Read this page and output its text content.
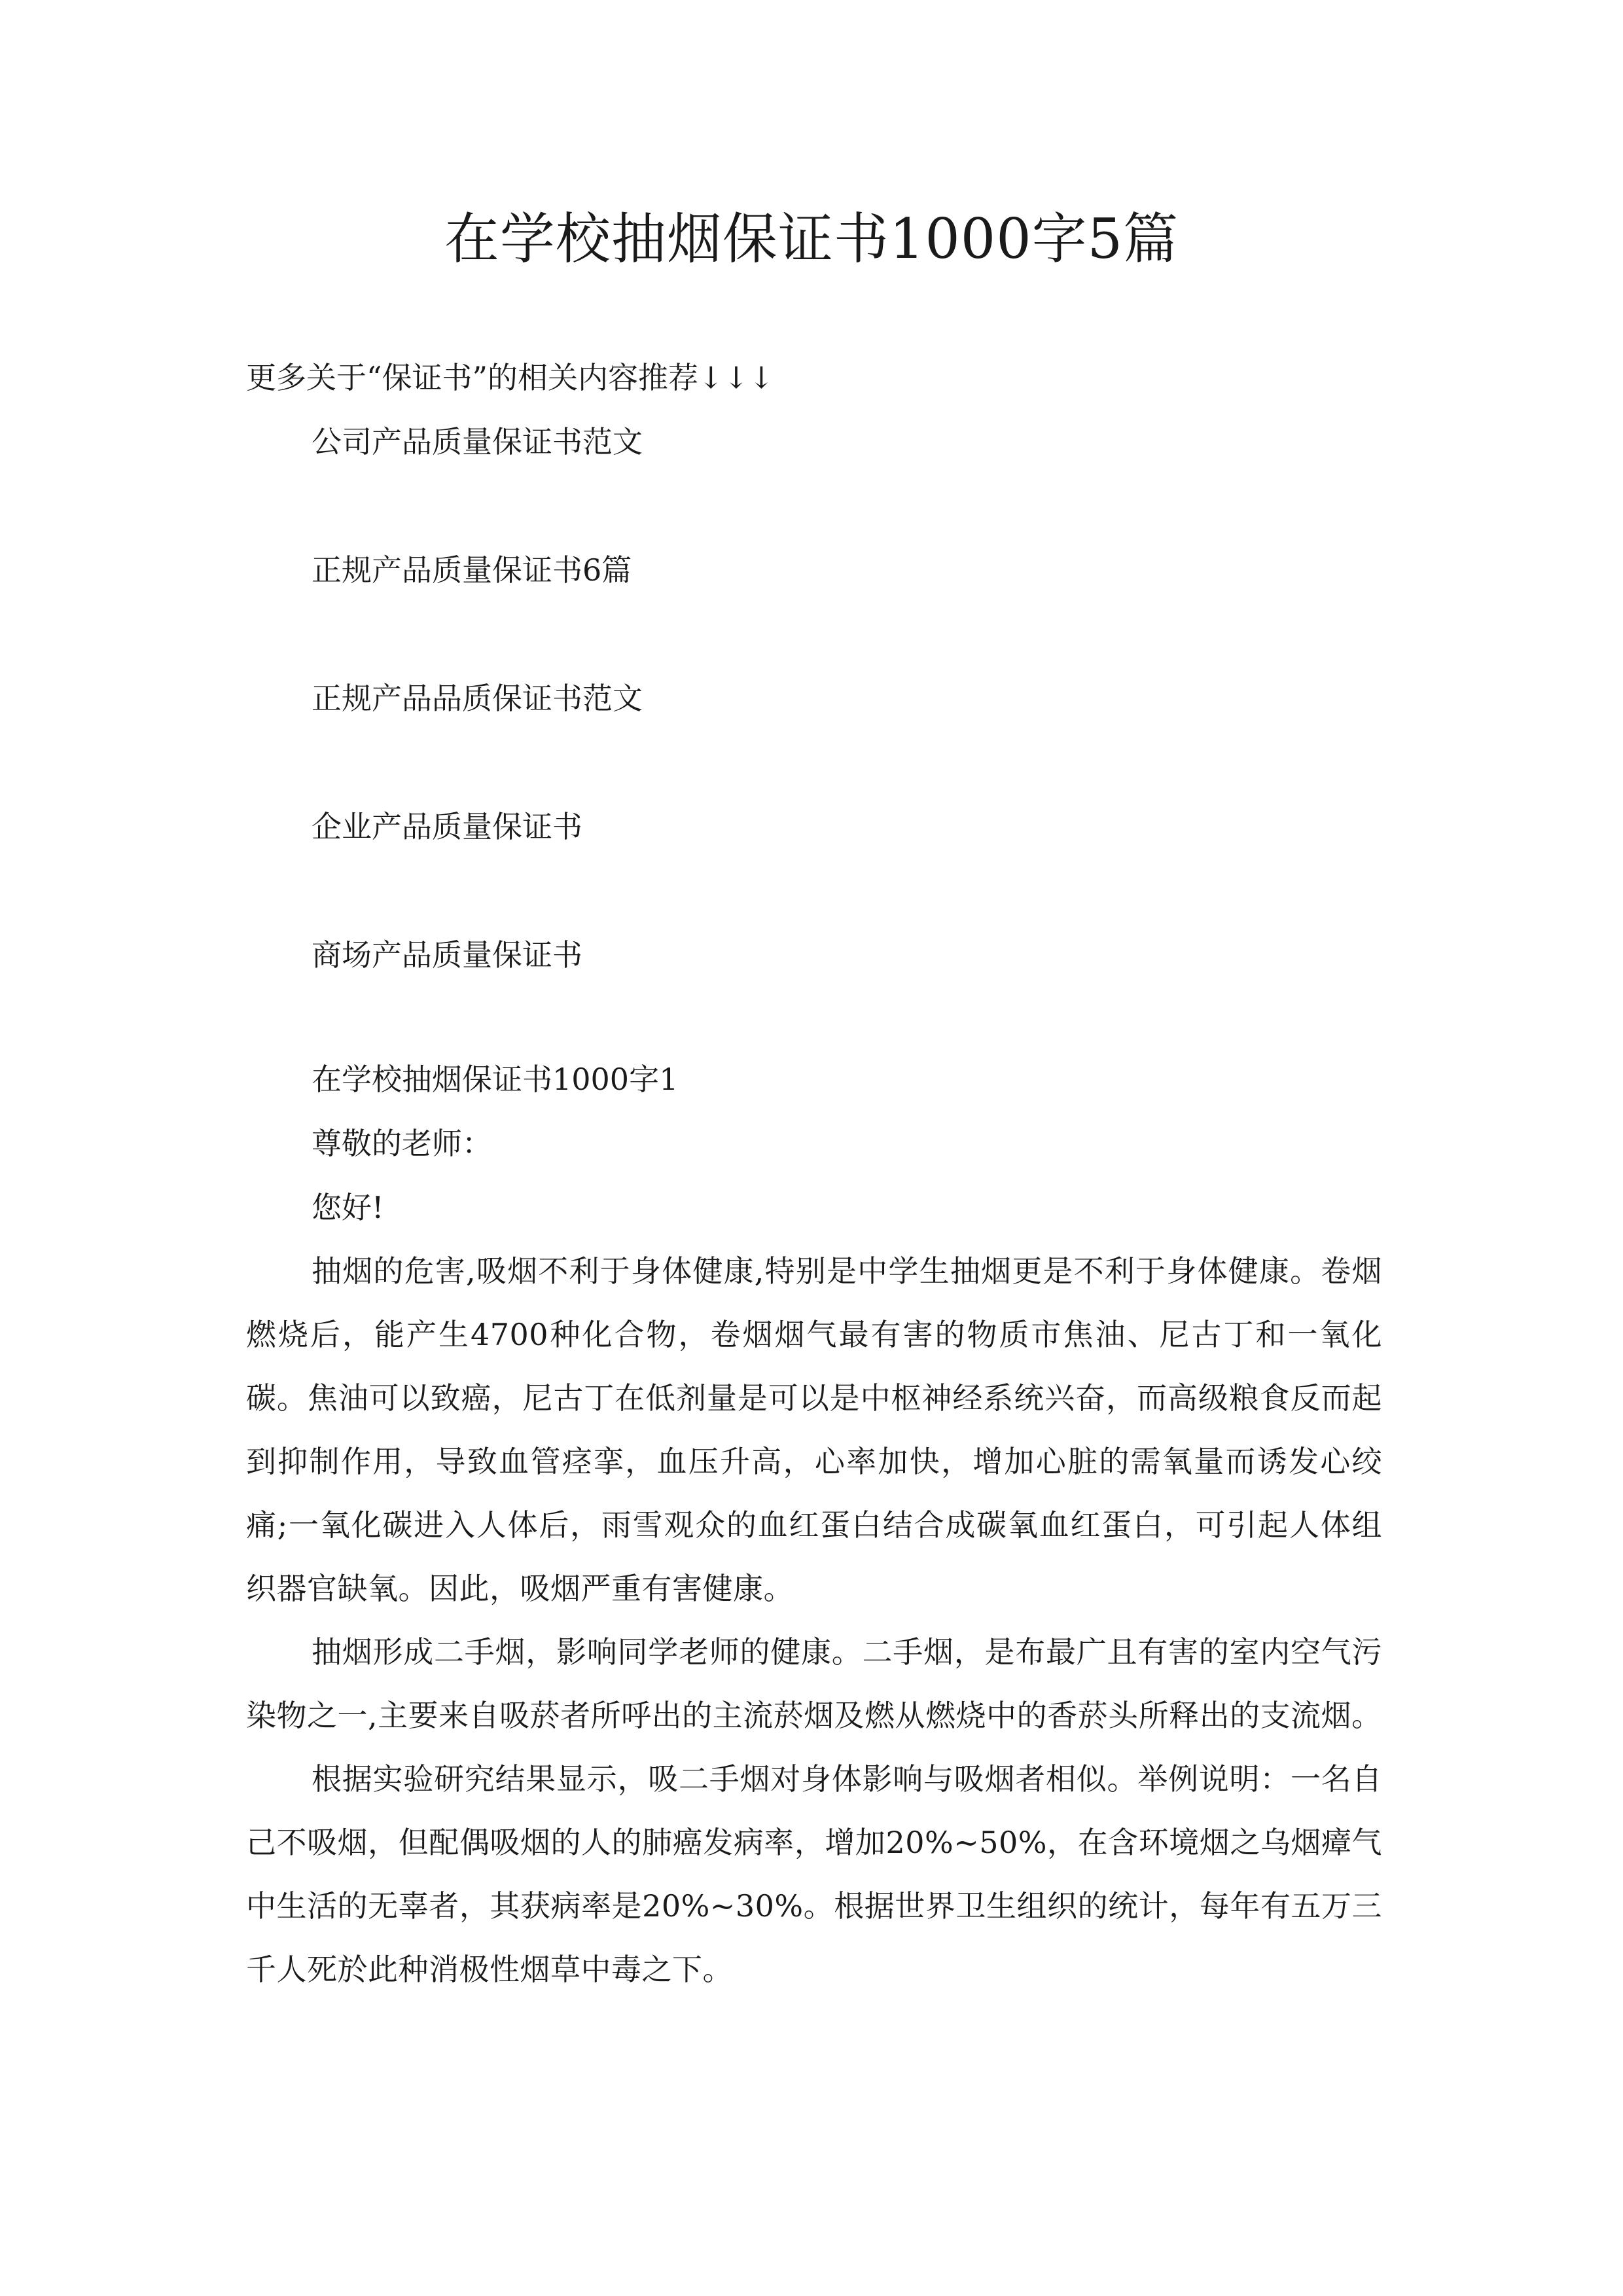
在学校抽烟保证书1000字5篇
更多关于“保证书”的相关内容推荐↓↓↓
公司产品质量保证书范文
正规产品质量保证书6篇
正规产品品质保证书范文
企业产品质量保证书
商场产品质量保证书
在学校抽烟保证书1000字1
尊敬的老师：
您好!

抽烟的危害,吸烟不利于身体健康,特别是中学生抽烟更是不利于身体健康。卷烟燃烧后，能产生4700种化合物，卷烟烟气最有害的物质市焦油、尼古丁和一氧化碳。焦油可以致癌，尼古丁在低剂量是可以是中枢神经系统兴奋，而高级粮食反而起到抑制作用，导致血管痉挛，血压升高，心率加快，增加心脏的需氧量而诱发心绞痛;一氧化碳进入人体后，雨雪观众的血红蛋白结合成碳氧血红蛋白，可引起人体组织器官缺氧。因此，吸烟严重有害健康。

抽烟形成二手烟，影响同学老师的健康。二手烟，是布最广且有害的室内空气污染物之一,主要来自吸菸者所呼出的主流菸烟及燃从燃烧中的香菸头所释出的支流烟。

根据实验研究结果显示，吸二手烟对身体影响与吸烟者相似。举例说明：一名自己不吸烟，但配偶吸烟的人的肺癌发病率，增加20%~50%，在含环境烟之乌烟瘴气中生活的无辜者，其获病率是20%~30%。根据世界卫生组织的统计，每年有五万三千人死於此种消极性烟草中毒之下。
